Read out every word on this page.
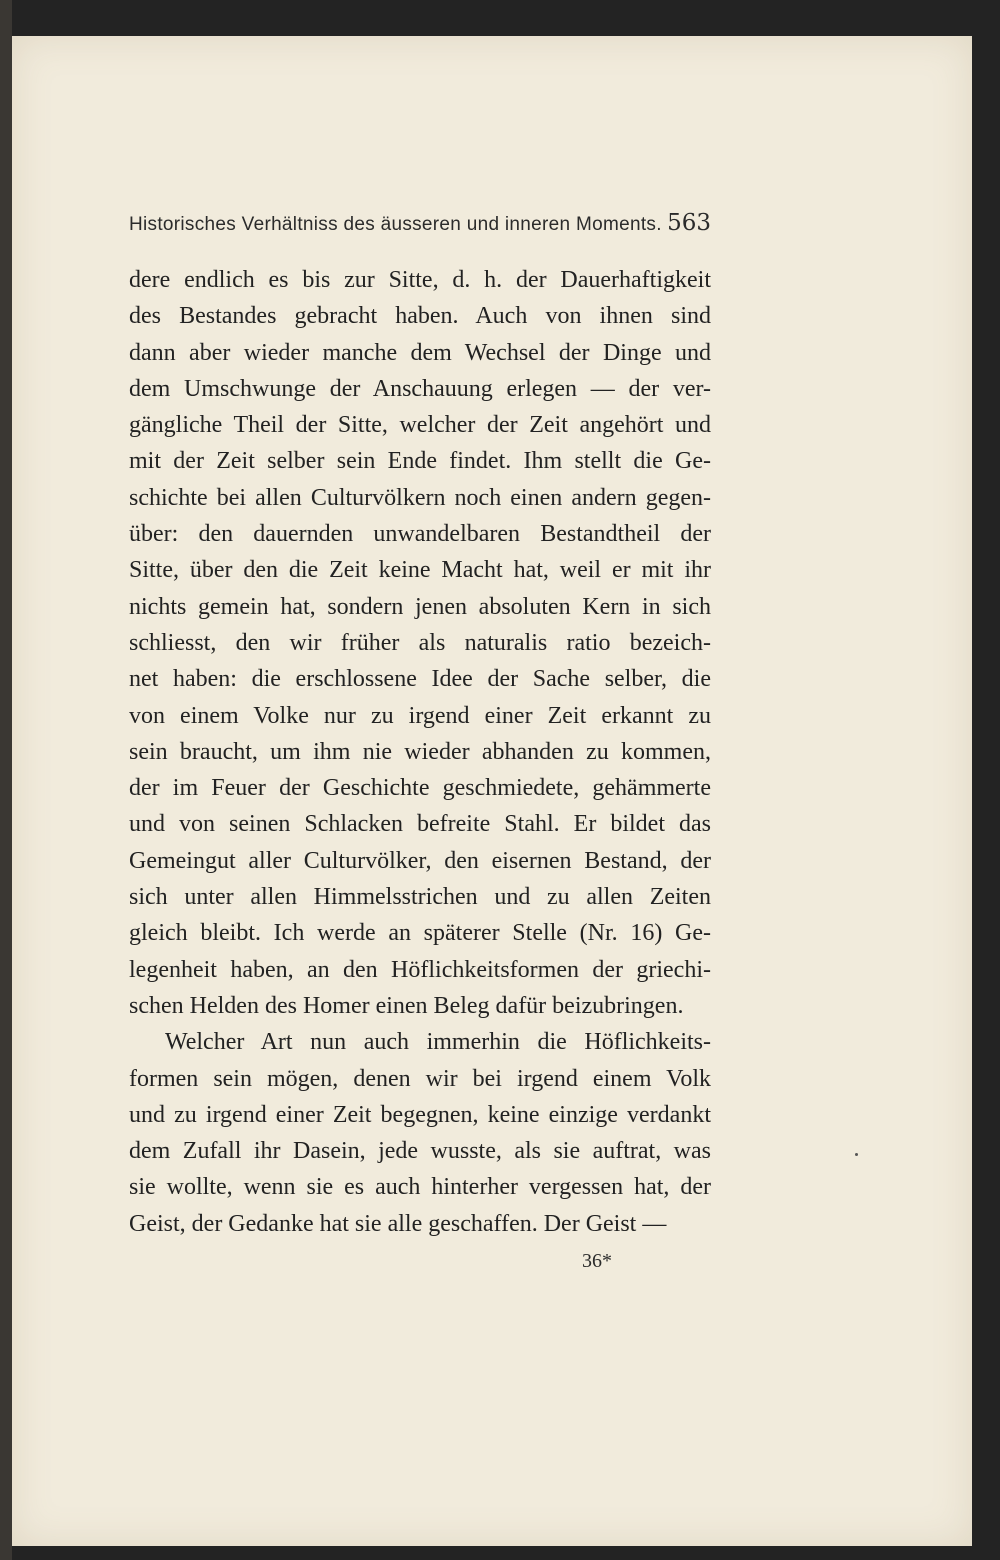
Historisches Verhältniss des äusseren und inneren Moments. 563
dere endlich es bis zur Sitte, d. h. der Dauerhaftigkeit
des Bestandes gebracht haben. Auch von ihnen sind
dann aber wieder manche dem Wechsel der Dinge und
dem Umschwunge der Anschauung erlegen — der ver-
gängliche Theil der Sitte, welcher der Zeit angehört und
mit der Zeit selber sein Ende findet. Ihm stellt die Ge-
schichte bei allen Culturvölkern noch einen andern gegen-
über: den dauernden unwandelbaren Bestandtheil der
Sitte, über den die Zeit keine Macht hat, weil er mit ihr
nichts gemein hat, sondern jenen absoluten Kern in sich
schliesst, den wir früher als naturalis ratio bezeich-
net haben: die erschlossene Idee der Sache selber, die
von einem Volke nur zu irgend einer Zeit erkannt zu
sein braucht, um ihm nie wieder abhanden zu kommen,
der im Feuer der Geschichte geschmiedete, gehämmerte
und von seinen Schlacken befreite Stahl. Er bildet das
Gemeingut aller Culturvölker, den eisernen Bestand, der
sich unter allen Himmelsstrichen und zu allen Zeiten
gleich bleibt. Ich werde an späterer Stelle (Nr. 16) Ge-
legenheit haben, an den Höflichkeitsformen der griechi-
schen Helden des Homer einen Beleg dafür beizubringen.
Welcher Art nun auch immerhin die Höflichkeits-
formen sein mögen, denen wir bei irgend einem Volk
und zu irgend einer Zeit begegnen, keine einzige verdankt
dem Zufall ihr Dasein, jede wusste, als sie auftrat, was
sie wollte, wenn sie es auch hinterher vergessen hat, der
Geist, der Gedanke hat sie alle geschaffen. Der Geist —
36*
